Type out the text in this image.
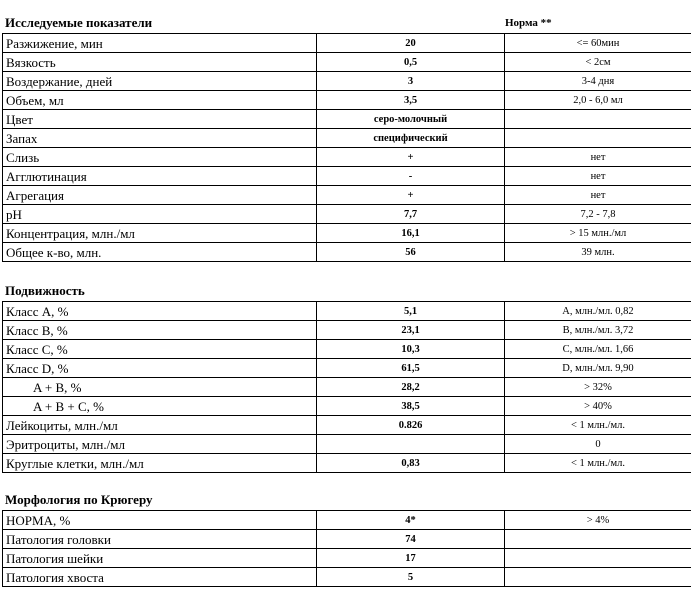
Исследуемые показатели	Норма **
Разжижение, мин	20	<= 60мин
Вязкость	0,5	< 2см
Воздержание, дней	3	3-4 дня
Объем, мл	3,5	2,0 - 6,0 мл
Цвет	серо-молочный	
Запах	специфический	
Слизь	+	нет
Агглютинация	-	нет
Агрегация	+	нет
pH	7,7	7,2 - 7,8
Концентрация, млн./мл	16,1	> 15 млн./мл
Общее к-во, млн.	56	39 млн.
Подвижность
Класс A, %	5,1	A, млн./мл. 0,82
Класс B, %	23,1	B, млн./мл. 3,72
Класс C, %	10,3	C, млн./мл. 1,66
Класс D, %	61,5	D, млн./мл. 9,90
A + B, %	28,2	> 32%
A + B + C, %	38,5	> 40%
Лейкоциты, млн./мл	0.826	< 1 млн./мл.
Эритроциты, млн./мл		0
Круглые клетки, млн./мл	0,83	< 1 млн./мл.
Морфология по Крюгеру
НОРМА, %	4*	> 4%
Патология головки	74	
Патология шейки	17	
Патология хвоста	5	
